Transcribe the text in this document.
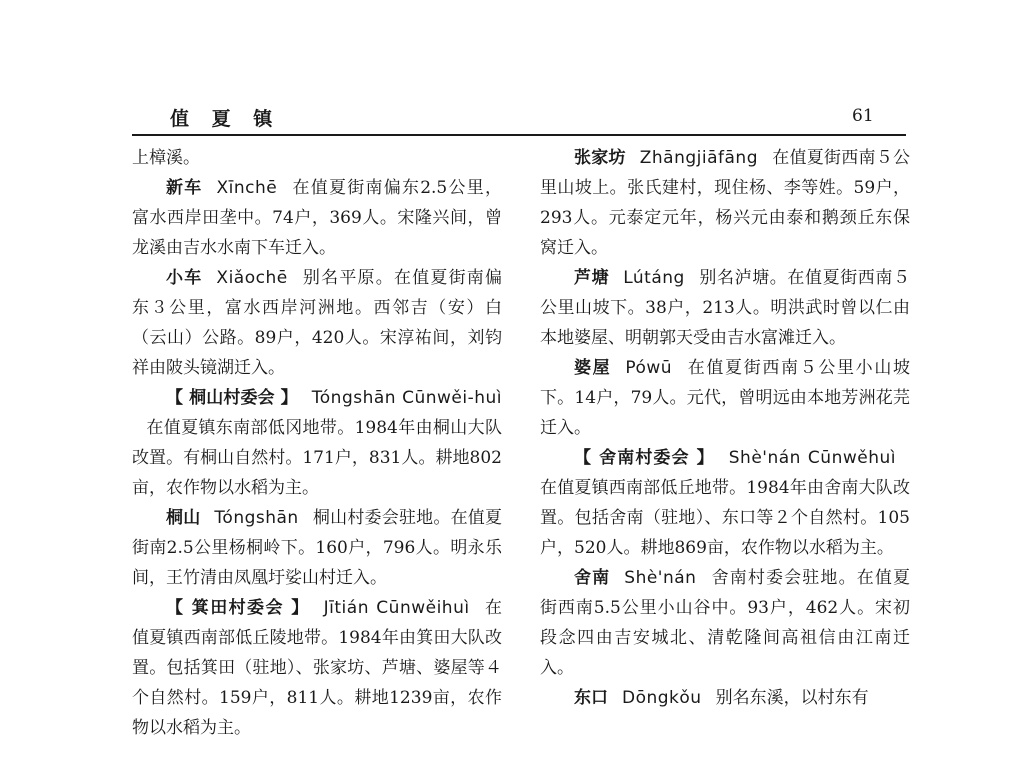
值 夏 镇	61

上樟溪。

新车 Xīnchē 在值夏街南偏东2.5公里，富水西岸田垄中。74户，369人。宋隆兴间，曾龙溪由吉水水南下车迁入。

小车 Xiǎochē 别名平原。在值夏街南偏东３公里，富水西岸河洲地。西邻吉（安）白（云山）公路。89户，420人。宋淳祐间，刘钧祥由陂头镜湖迁入。

【 桐山村委会 】 Tóngshān Cūnwěi-huì在值夏镇东南部低冈地带。1984年由桐山大队改置。有桐山自然村。171户，831人。耕地802亩，农作物以水稻为主。

桐山 Tóngshān 桐山村委会驻地。在值夏街南2.5公里杨桐岭下。160户，796人。明永乐间，王竹清由凤凰圩娑山村迁入。

【 箕田村委会 】 Jītián Cūnwěihuì 在值夏镇西南部低丘陵地带。1984年由箕田大队改置。包括箕田（驻地）、张家坊、芦塘、婆屋等４个自然村。159户，811人。耕地1239亩，农作物以水稻为主。

张家坊 Zhāngjiāfāng 在值夏街西南５公里山坡上。张氏建村，现住杨、李等姓。59户，293人。元泰定元年，杨兴元由泰和鹅颈丘东保窝迁入。

芦塘 Lútáng 别名泸塘。在值夏街西南５公里山坡下。38户，213人。明洪武时曾以仁由本地婆屋、明朝郭天受由吉水富滩迁入。

婆屋 Pówū 在值夏街西南５公里小山坡下。14户，79人。元代，曾明远由本地芳洲花芫迁入。

【 舍南村委会 】 Shè'nán Cūnwěhuì在值夏镇西南部低丘地带。1984年由舍南大队改置。包括舍南（驻地）、东口等２个自然村。105户，520人。耕地869亩，农作物以水稻为主。

舍南 Shè'nán 舍南村委会驻地。在值夏街西南5.5公里小山谷中。93户，462人。宋初段念四由吉安城北、清乾隆间高祖信由江南迁入。

东口 Dōngkǒu 别名东溪，以村东有
